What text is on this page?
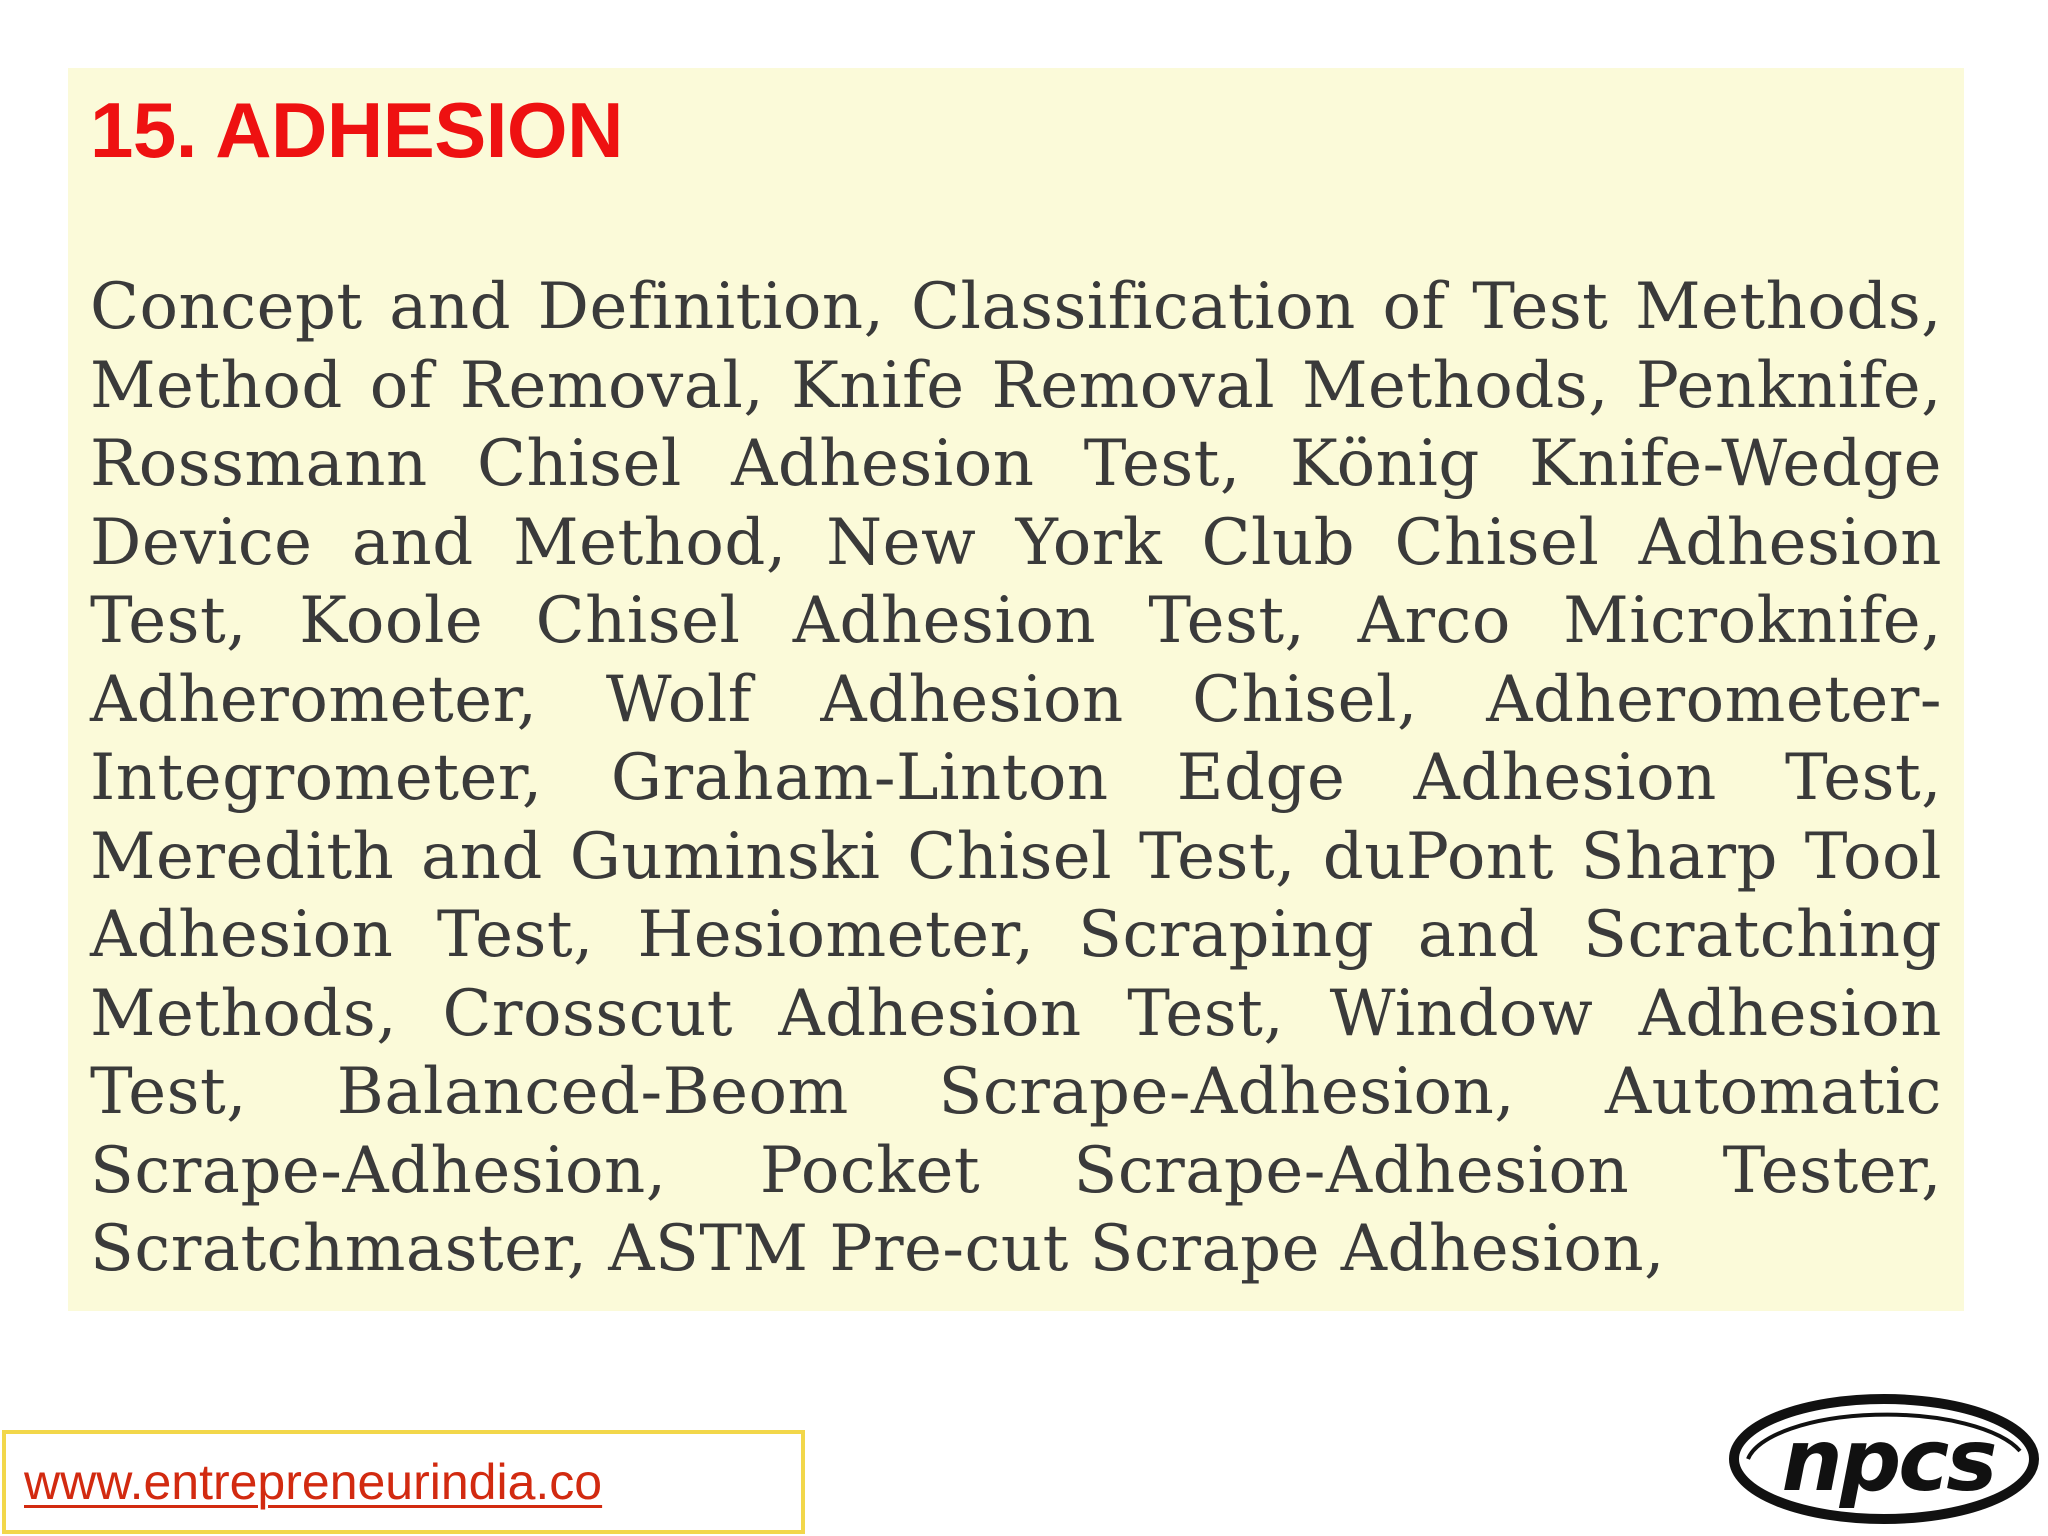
15. ADHESION

Concept and Definition, Classification of Test Methods, Method of Removal, Knife Removal Methods, Penknife, Rossmann Chisel Adhesion Test, König Knife-Wedge Device and Method, New York Club Chisel Adhesion Test, Koole Chisel Adhesion Test, Arco Microknife, Adherometer, Wolf Adhesion Chisel, Adherometer-Integrometer, Graham-Linton Edge Adhesion Test, Meredith and Guminski Chisel Test, duPont Sharp Tool Adhesion Test, Hesiometer, Scraping and Scratching Methods, Crosscut Adhesion Test, Window Adhesion Test, Balanced-Beom Scrape-Adhesion, Automatic Scrape-Adhesion, Pocket Scrape-Adhesion Tester, Scratchmaster, ASTM Pre-cut Scrape Adhesion,

www.entrepreneurindia.co	npcs
